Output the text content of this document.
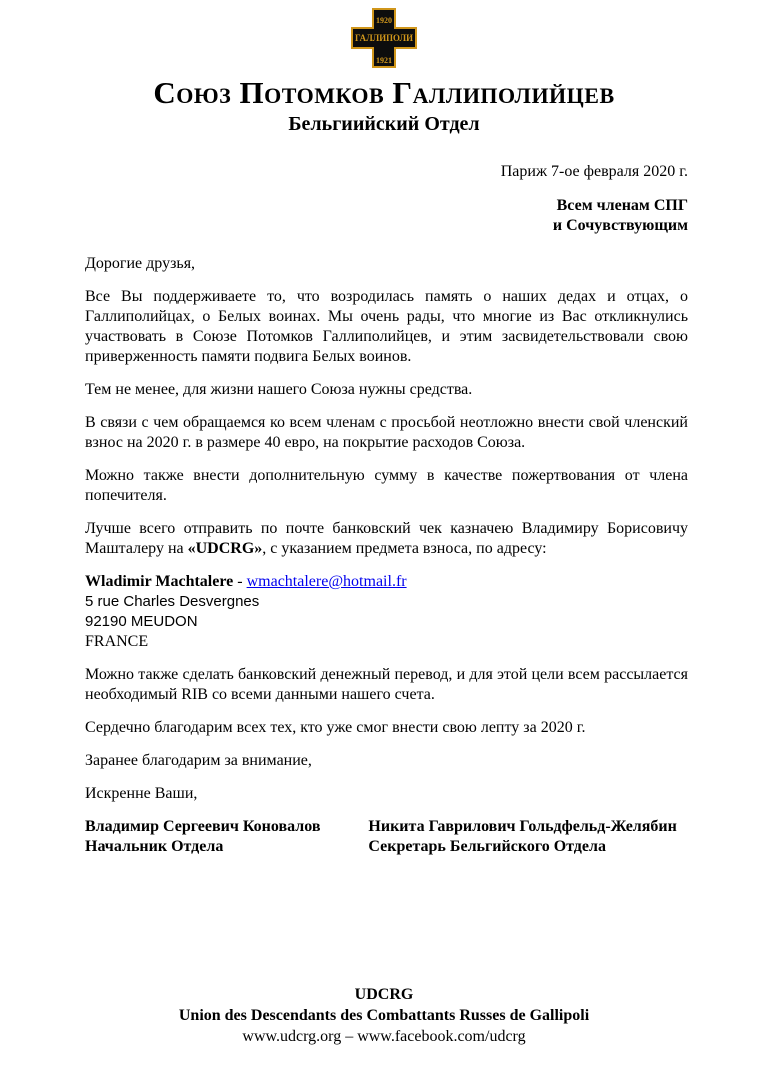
1920
ГАЛЛИПОЛИ
1921
Союз Потомков Галлиполийцев
Бельгиийский Отдел
Париж 7-ое февраля 2020 г.
Всем членам СПГ
и Сочувствующим
Дорогие друзья,
Все Вы поддерживаете то, что возродилась память о наших дедах и отцах, о Галлиполийцах, о Белых воинах. Мы очень рады, что многие из Вас откликнулись участвовать в Союзе Потомков Галлиполийцев, и этим засвидетельствовали свою приверженность памяти подвига Белых воинов.
Тем не менее, для жизни нашего Союза нужны средства.
В связи с чем обращаемся ко всем членам с просьбой неотложно внести свой членский взнос на 2020 г. в размере 40 евро, на покрытие расходов Союза.
Можно также внести дополнительную сумму в качестве пожертвования от члена попечителя.
Лучше всего отправить по почте банковский чек казначею Владимиру Борисовичу Машталеру на «UDCRG», с указанием предмета взноса, по адресу:
Wladimir Machtalere - wmachtalere@hotmail.fr
5 rue Charles Desvergnes
92190 MEUDON
FRANCE
Можно также сделать банковский денежный перевод, и для этой цели всем рассылается необходимый RIB со всеми данными нашего счета.
Сердечно благодарим всех тех, кто уже смог внести свою лепту за 2020 г.
Заранее благодарим за внимание,
Искренне Ваши,
Владимир Сергеевич Коновалов
Начальник Отдела
Никита Гаврилович Гольдфельд-Желябин
Секретарь Бельгийского Отдела
UDCRG
Union des Descendants des Combattants Russes de Gallipoli
www.udcrg.org – www.facebook.com/udcrg
